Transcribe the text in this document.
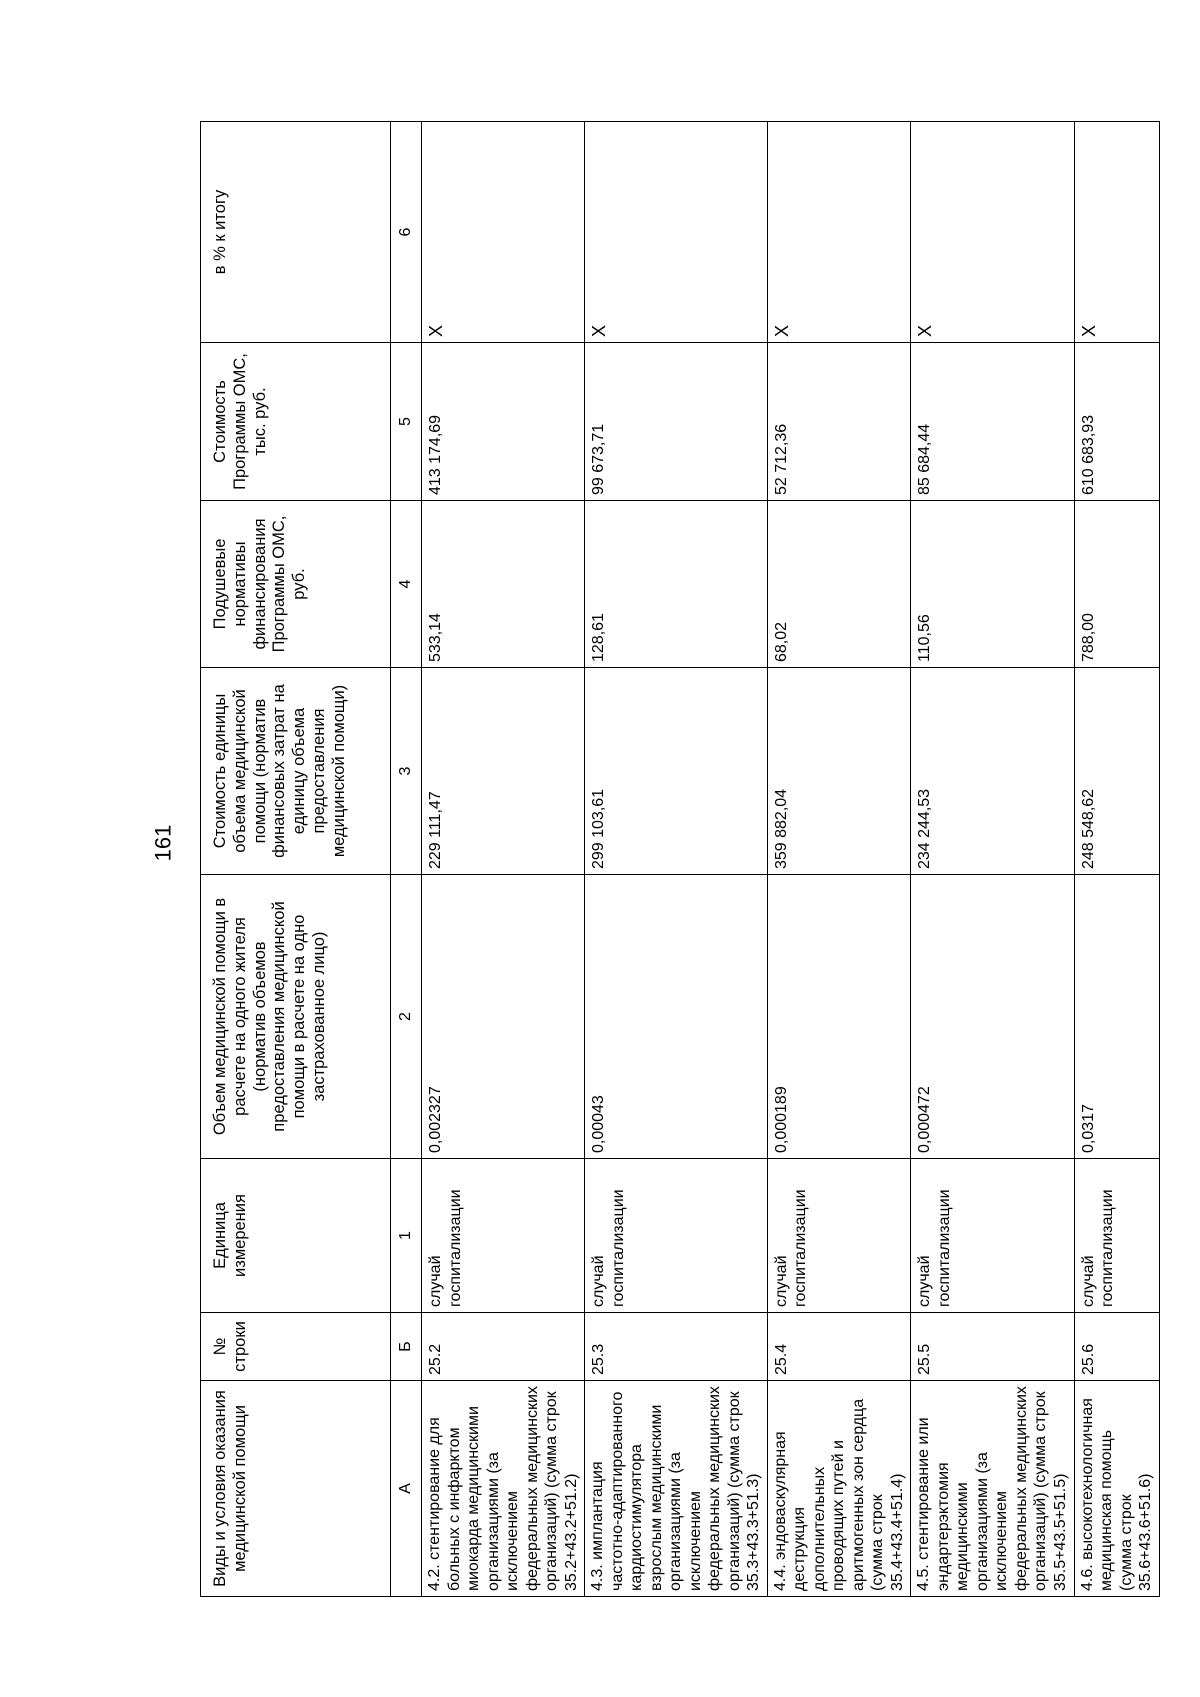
161
Виды и условия оказания медицинской помощи	№ строки	Единица измерения	Объем медицинской помощи в расчете на одного жителя (норматив объемов предоставления медицинской помощи в расчете на одно застрахованное лицо)	Стоимость единицы объема медицинской помощи (норматив финансовых затрат на единицу объема предоставления медицинской помощи)	Подушевые нормативы финансирования Программы ОМС, руб.	Стоимость Программы ОМС, тыс. руб.	в % к итогу
А	Б	1	2	3	4	5	6
4.2. стентирование для больных с инфарктом миокарда медицинскими организациями (за исключением федеральных медицинских организаций) (сумма строк 35.2+43.2+51.2)	25.2	случай госпитализации	0,002327	229 111,47	533,14	413 174,69	Х
4.3. имплантация частотно-адаптированного кардиостимулятора взрослым медицинскими организациями (за исключением федеральных медицинских организаций) (сумма строк 35.3+43.3+51.3)	25.3	случай госпитализации	0,00043	299 103,61	128,61	99 673,71	Х
4.4. эндоваскулярная деструкция дополнительных проводящих путей и аритмогенных зон сердца (сумма строк 35.4+43.4+51.4)	25.4	случай госпитализации	0,000189	359 882,04	68,02	52 712,36	Х
4.5. стентирование или эндартерэктомия медицинскими организациями (за исключением федеральных медицинских организаций) (сумма строк 35.5+43.5+51.5)	25.5	случай госпитализации	0,000472	234 244,53	110,56	85 684,44	Х
4.6. высокотехнологичная медицинская помощь (сумма строк 35.6+43.6+51.6)	25.6	случай госпитализации	0,0317	248 548,62	788,00	610 683,93	Х
